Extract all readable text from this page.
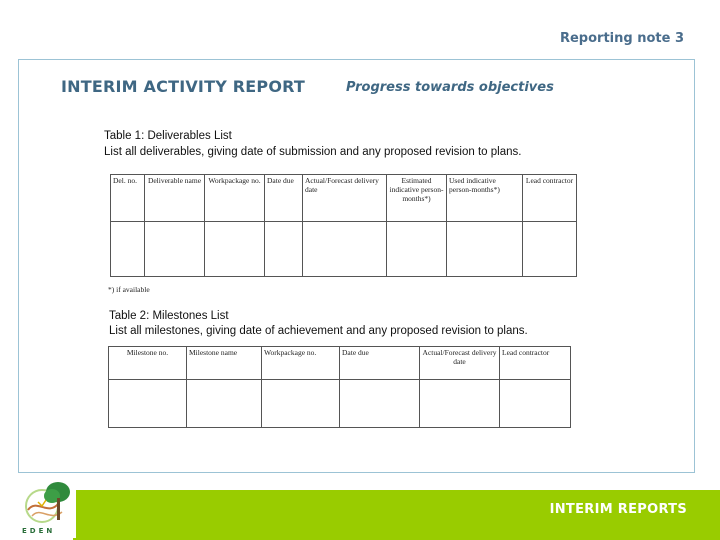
Reporting note 3
INTERIM ACTIVITY REPORT	Progress towards objectives
Table 1: Deliverables List
List all deliverables, giving date of submission and any proposed revision to plans.
Del. no.	Deliverable name	Workpackage no.	Date due	Actual/Forecast delivery date	Estimated indicative person-months*)	Used indicative person-months*)	Lead contractor

*) if available
Table 2: Milestones List
List all milestones, giving date of achievement and any proposed revision to plans.
Milestone no.	Milestone name	Workpackage no.	Date due	Actual/Forecast delivery date	Lead contractor

INTERIM REPORTS
EDEN
